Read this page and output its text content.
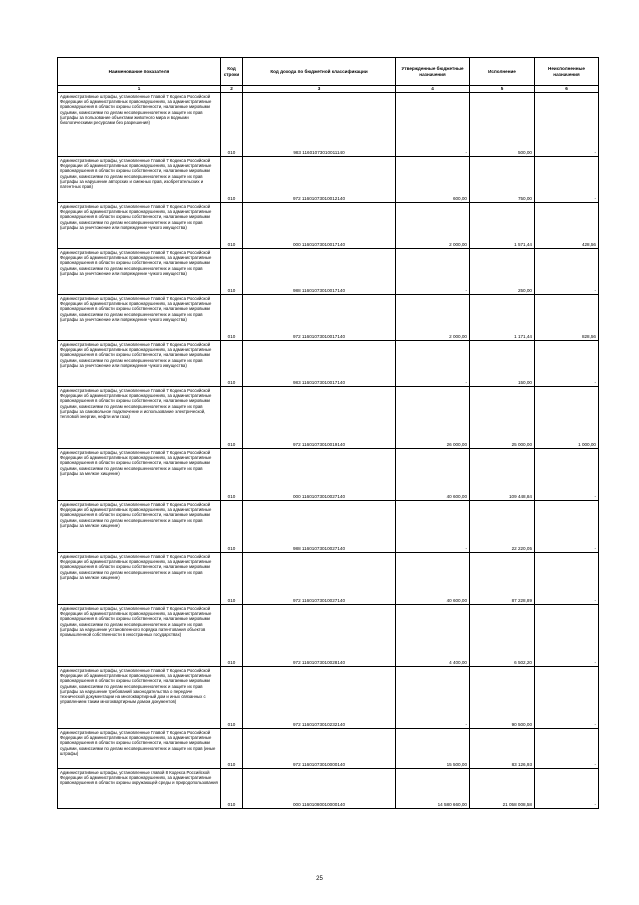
Наименование показателя	Код строки	Код дохода по бюджетной классификации	Утвержденные бюджетные назначения	Исполнение	Неисполненные назначения
1	2	3	4	5	6
Административные штрафы, установленные Главой 7 Кодекса Российской Федерации об административных правонарушениях, за административные правонарушения в области охраны собственности, налагаемые мировыми судьями, комиссиями по делам несовершеннолетних и защите их прав (штрафы за пользование объектами животного мира и водными биологическими ресурсами без разрешения)	010	983 11601073010011140	-	500,00	-
Административные штрафы, установленные Главой 7 Кодекса Российской Федерации об административных правонарушениях, за административные правонарушения в области охраны собственности, налагаемые мировыми судьями, комиссиями по делам несовершеннолетних и защите их прав (штрафы за нарушение авторских и смежных прав, изобретательских и патентных прав)	010	972 11601073010012140	600,00	750,00	-
Административные штрафы, установленные Главой 7 Кодекса Российской Федерации об административных правонарушениях, за административные правонарушения в области охраны собственности, налагаемые мировыми судьями, комиссиями по делам несовершеннолетних и защите их прав (штрафы за уничтожение или повреждение чужого имущества)	010	000 11601073010017140	2 000,00	1 571,44	428,56
Административные штрафы, установленные Главой 7 Кодекса Российской Федерации об административных правонарушениях, за административные правонарушения в области охраны собственности, налагаемые мировыми судьями, комиссиями по делам несовершеннолетних и защите их прав (штрафы за уничтожение или повреждение чужого имущества)	010	988 11601073010017140	-	250,00	-
Административные штрафы, установленные Главой 7 Кодекса Российской Федерации об административных правонарушениях, за административные правонарушения в области охраны собственности, налагаемые мировыми судьями, комиссиями по делам несовершеннолетних и защите их прав (штрафы за уничтожение или повреждение чужого имущества)	010	972 11601073010017140	2 000,00	1 171,44	828,56
Административные штрафы, установленные Главой 7 Кодекса Российской Федерации об административных правонарушениях, за административные правонарушения в области охраны собственности, налагаемые мировыми судьями, комиссиями по делам несовершеннолетних и защите их прав (штрафы за уничтожение или повреждение чужого имущества)	010	983 11601073010017140	-	150,00	-
Административные штрафы, установленные Главой 7 Кодекса Российской Федерации об административных правонарушениях, за административные правонарушения в области охраны собственности, налагаемые мировыми судьями, комиссиями по делам несовершеннолетних и защите их прав (штрафы за самовольное подключение и использование электрической, тепловой энергии, нефти или газа)	010	972 11601073010019140	26 000,00	25 000,00	1 000,00
Административные штрафы, установленные Главой 7 Кодекса Российской Федерации об административных правонарушениях, за административные правонарушения в области охраны собственности, налагаемые мировыми судьями, комиссиями по делам несовершеннолетних и защите их прав (штрафы за мелкое хищение)	010	000 11601073010027140	40 600,00	109 448,84	-
Административные штрафы, установленные Главой 7 Кодекса Российской Федерации об административных правонарушениях, за административные правонарушения в области охраны собственности, налагаемые мировыми судьями, комиссиями по делам несовершеннолетних и защите их прав (штрафы за мелкое хищение)	010	988 11601073010027140	-	22 220,05	-
Административные штрафы, установленные Главой 7 Кодекса Российской Федерации об административных правонарушениях, за административные правонарушения в области охраны собственности, налагаемые мировыми судьями, комиссиями по делам несовершеннолетних и защите их прав (штрафы за мелкое хищение)	010	972 11601073010027140	40 600,00	87 228,89	-
Административные штрафы, установленные Главой 7 Кодекса Российской Федерации об административных правонарушениях, за административные правонарушения в области охраны собственности, налагаемые мировыми судьями, комиссиями по делам несовершеннолетних и защите их прав (штрафы за нарушение установленного порядка патентования объектов промышленной собственности в иностранных государствах)	010	972 11601073010028140	4 400,00	6 502,20	-
Административные штрафы, установленные Главой 7 Кодекса Российской Федерации об административных правонарушениях, за административные правонарушения в области охраны собственности, налагаемые мировыми судьями, комиссиями по делам несовершеннолетних и защите их прав (штрафы за нарушение требований законодательства о передаче технической документации на многоквартирный дом и иных связанных с управлением таким многоквартирным домом документов)	010	972 11601073010232140	-	90 500,00	-
Административные штрафы, установленные Главой 7 Кодекса Российской Федерации об административных правонарушениях, за административные правонарушения в области охраны собственности, налагаемые мировыми судьями, комиссиями по делам несовершеннолетних и защите их прав (иные штрафы)	010	972 11601073010000140	15 500,00	83 126,93	-
Административные штрафы, установленные главой 8 Кодекса Российской Федерации об административных правонарушениях, за административные правонарушения в области охраны окружающей среды и природопользования	010	000 11601080010000140	14 580 660,00	21 058 008,58	-
25
